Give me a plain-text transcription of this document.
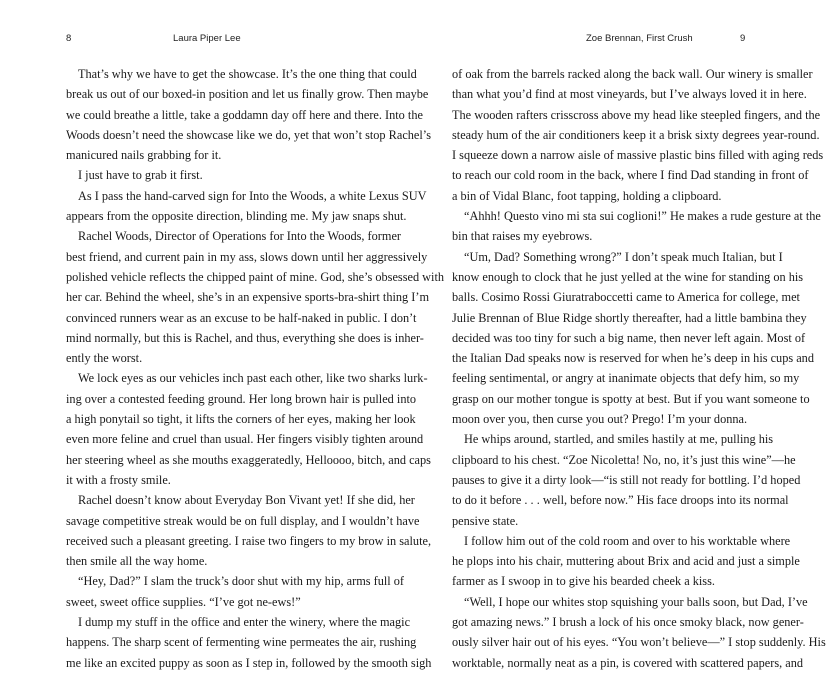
8	Laura Piper Lee
That’s why we have to get the showcase. It’s the one thing that could
break us out of our boxed-in position and let us finally grow. Then maybe
we could breathe a little, take a goddamn day off here and there. Into the
Woods doesn’t need the showcase like we do, yet that won’t stop Rachel’s
manicured nails grabbing for it.
I just have to grab it first.
As I pass the hand-carved sign for Into the Woods, a white Lexus SUV
appears from the opposite direction, blinding me. My jaw snaps shut.
Rachel Woods, Director of Operations for Into the Woods, former
best friend, and current pain in my ass, slows down until her aggressively
polished vehicle reflects the chipped paint of mine. God, she’s obsessed with
her car. Behind the wheel, she’s in an expensive sports-bra-shirt thing I’m
convinced runners wear as an excuse to be half-naked in public. I don’t
mind normally, but this is Rachel, and thus, everything she does is inher-
ently the worst.
We lock eyes as our vehicles inch past each other, like two sharks lurk-
ing over a contested feeding ground. Her long brown hair is pulled into
a high ponytail so tight, it lifts the corners of her eyes, making her look
even more feline and cruel than usual. Her fingers visibly tighten around
her steering wheel as she mouths exaggeratedly, Helloooo, bitch, and caps
it with a frosty smile.
Rachel doesn’t know about Everyday Bon Vivant yet! If she did, her
savage competitive streak would be on full display, and I wouldn’t have
received such a pleasant greeting. I raise two fingers to my brow in salute,
then smile all the way home.
“Hey, Dad?” I slam the truck’s door shut with my hip, arms full of
sweet, sweet office supplies. “I’ve got ne-ews!”
I dump my stuff in the office and enter the winery, where the magic
happens. The sharp scent of fermenting wine permeates the air, rushing
me like an excited puppy as soon as I step in, followed by the smooth sigh
Zoe Brennan, First Crush	9
of oak from the barrels racked along the back wall. Our winery is smaller
than what you’d find at most vineyards, but I’ve always loved it in here.
The wooden rafters crisscross above my head like steepled fingers, and the
steady hum of the air conditioners keep it a brisk sixty degrees year-round.
I squeeze down a narrow aisle of massive plastic bins filled with aging reds
to reach our cold room in the back, where I find Dad standing in front of
a bin of Vidal Blanc, foot tapping, holding a clipboard.
“Ahhh! Questo vino mi sta sui coglioni!” He makes a rude gesture at the
bin that raises my eyebrows.
“Um, Dad? Something wrong?” I don’t speak much Italian, but I
know enough to clock that he just yelled at the wine for standing on his
balls. Cosimo Rossi Giuratraboccetti came to America for college, met
Julie Brennan of Blue Ridge shortly thereafter, had a little bambina they
decided was too tiny for such a big name, then never left again. Most of
the Italian Dad speaks now is reserved for when he’s deep in his cups and
feeling sentimental, or angry at inanimate objects that defy him, so my
grasp on our mother tongue is spotty at best. But if you want someone to
moon over you, then curse you out? Prego! I’m your donna.
He whips around, startled, and smiles hastily at me, pulling his
clipboard to his chest. “Zoe Nicoletta! No, no, it’s just this wine”—he
pauses to give it a dirty look—“is still not ready for bottling. I’d hoped
to do it before . . . well, before now.” His face droops into its normal
pensive state.
I follow him out of the cold room and over to his worktable where
he plops into his chair, muttering about Brix and acid and just a simple
farmer as I swoop in to give his bearded cheek a kiss.
“Well, I hope our whites stop squishing your balls soon, but Dad, I’ve
got amazing news.” I brush a lock of his once smoky black, now gener-
ously silver hair out of his eyes. “You won’t believe—” I stop suddenly. His
worktable, normally neat as a pin, is covered with scattered papers, and
